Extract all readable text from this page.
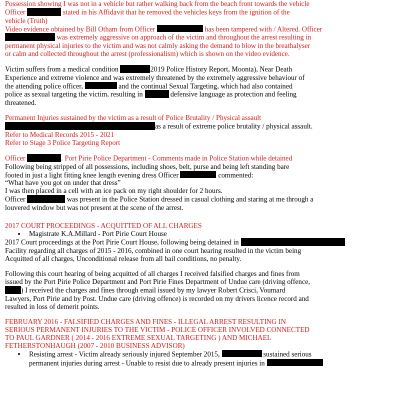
Possession showing I was not in a vehicle but rather walking back from the beach front towards the vehicle

Officer	stated in his Affidavit that he removed the vehicles keys from the ignition of the

vehicle (Truth)

Video evidence obtained by Bill Otham from Officer	has been tampered with / Altered. Officer

was extremely aggressive on approach of the victim and throughout the arrest resulting in

permanent physical injuries to the victim and was not calmly asking the demand to blow in the breathalyser

or calm and collected throughout the arrest (professionalism) which is shown on the video evidence.

Victim suffers from a medical condition	2019 Police History Report, Moonta), Near Death

Experience and extreme violence and was extremely threatened by the extremely aggressive behaviour of

the attending police officer,	and the continual Sexual Targeting, which had also contained

police as sexual targeting the victim, resulting in	defensive language as protection and feeling

threatened.

Permanent Injuries sustained by the victim as a result of Police Brutality / Physical assault

as a result of extreme police brutality / physical assault.

Refer to Medical Records 2015 - 2021

Refer to Stage 3 Police Targeting Report

Officer	. Port Pirie Police Department - Comments made in Police Station while detained

Following being stripped of all possessions, including shoes, belt, purse and being left standing bare

footed in just a light fitting knee length evening dress Officer	commented:

“What have you got on under that dress”

I was then placed in a cell with an ice pack on my right shoulder for 2 hours.

Officer	was present in the Police Station dressed in casual clothing and staring at me through a

louvered window but was not present at the scene of the arrest.

2017 COURT PROCEEDINGS - ACQUITTED OF ALL CHARGES

• Magistrate K.A.Millard - Port Pirie Court House

2017 Court proceedings at the Port Pirie Court House, following being detained in

Facility regarding all charges of 2015 - 2016, combined in one court hearing resulted in the victim being

Acquitted of all charges, Unconditional release from all bail conditions, no penalty.

Following this court hearing of being acquitted of all charges I received falsified charges and fines from

issued by the Port Pirie Police Department and Port Pirie Fines Department of Undue care (driving offence,

) I received the charges and fines through email issued by my lawyer Robert Crisci, Voumard

Lawyers, Port Pirie and by Post. Undue care (driving offence) is recorded on my drivers licence record and

resulted in loss of demerit points.

FEBRUARY 2016 - FALSIFIED CHARGES AND FINES - ILLEGAL ARREST RESULTING IN

SERIOUS PERMANENT INJURIES TO THE VICTIM - POLICE OFFICER INVOLVED CONNECTED

TO PAUL GARDNER ( 2014 - 2016 EXTREME SEXUAL TARGETING ) AND MICHAEL

FETHERSTONHAUGH (2007 - 2010 BUSINESS ADVISOR)

• Resisting arrest - Victim already seriously injured September 2015,	sustained serious

permanent injuries during arrest - Unable to resist due to already present injuries in
